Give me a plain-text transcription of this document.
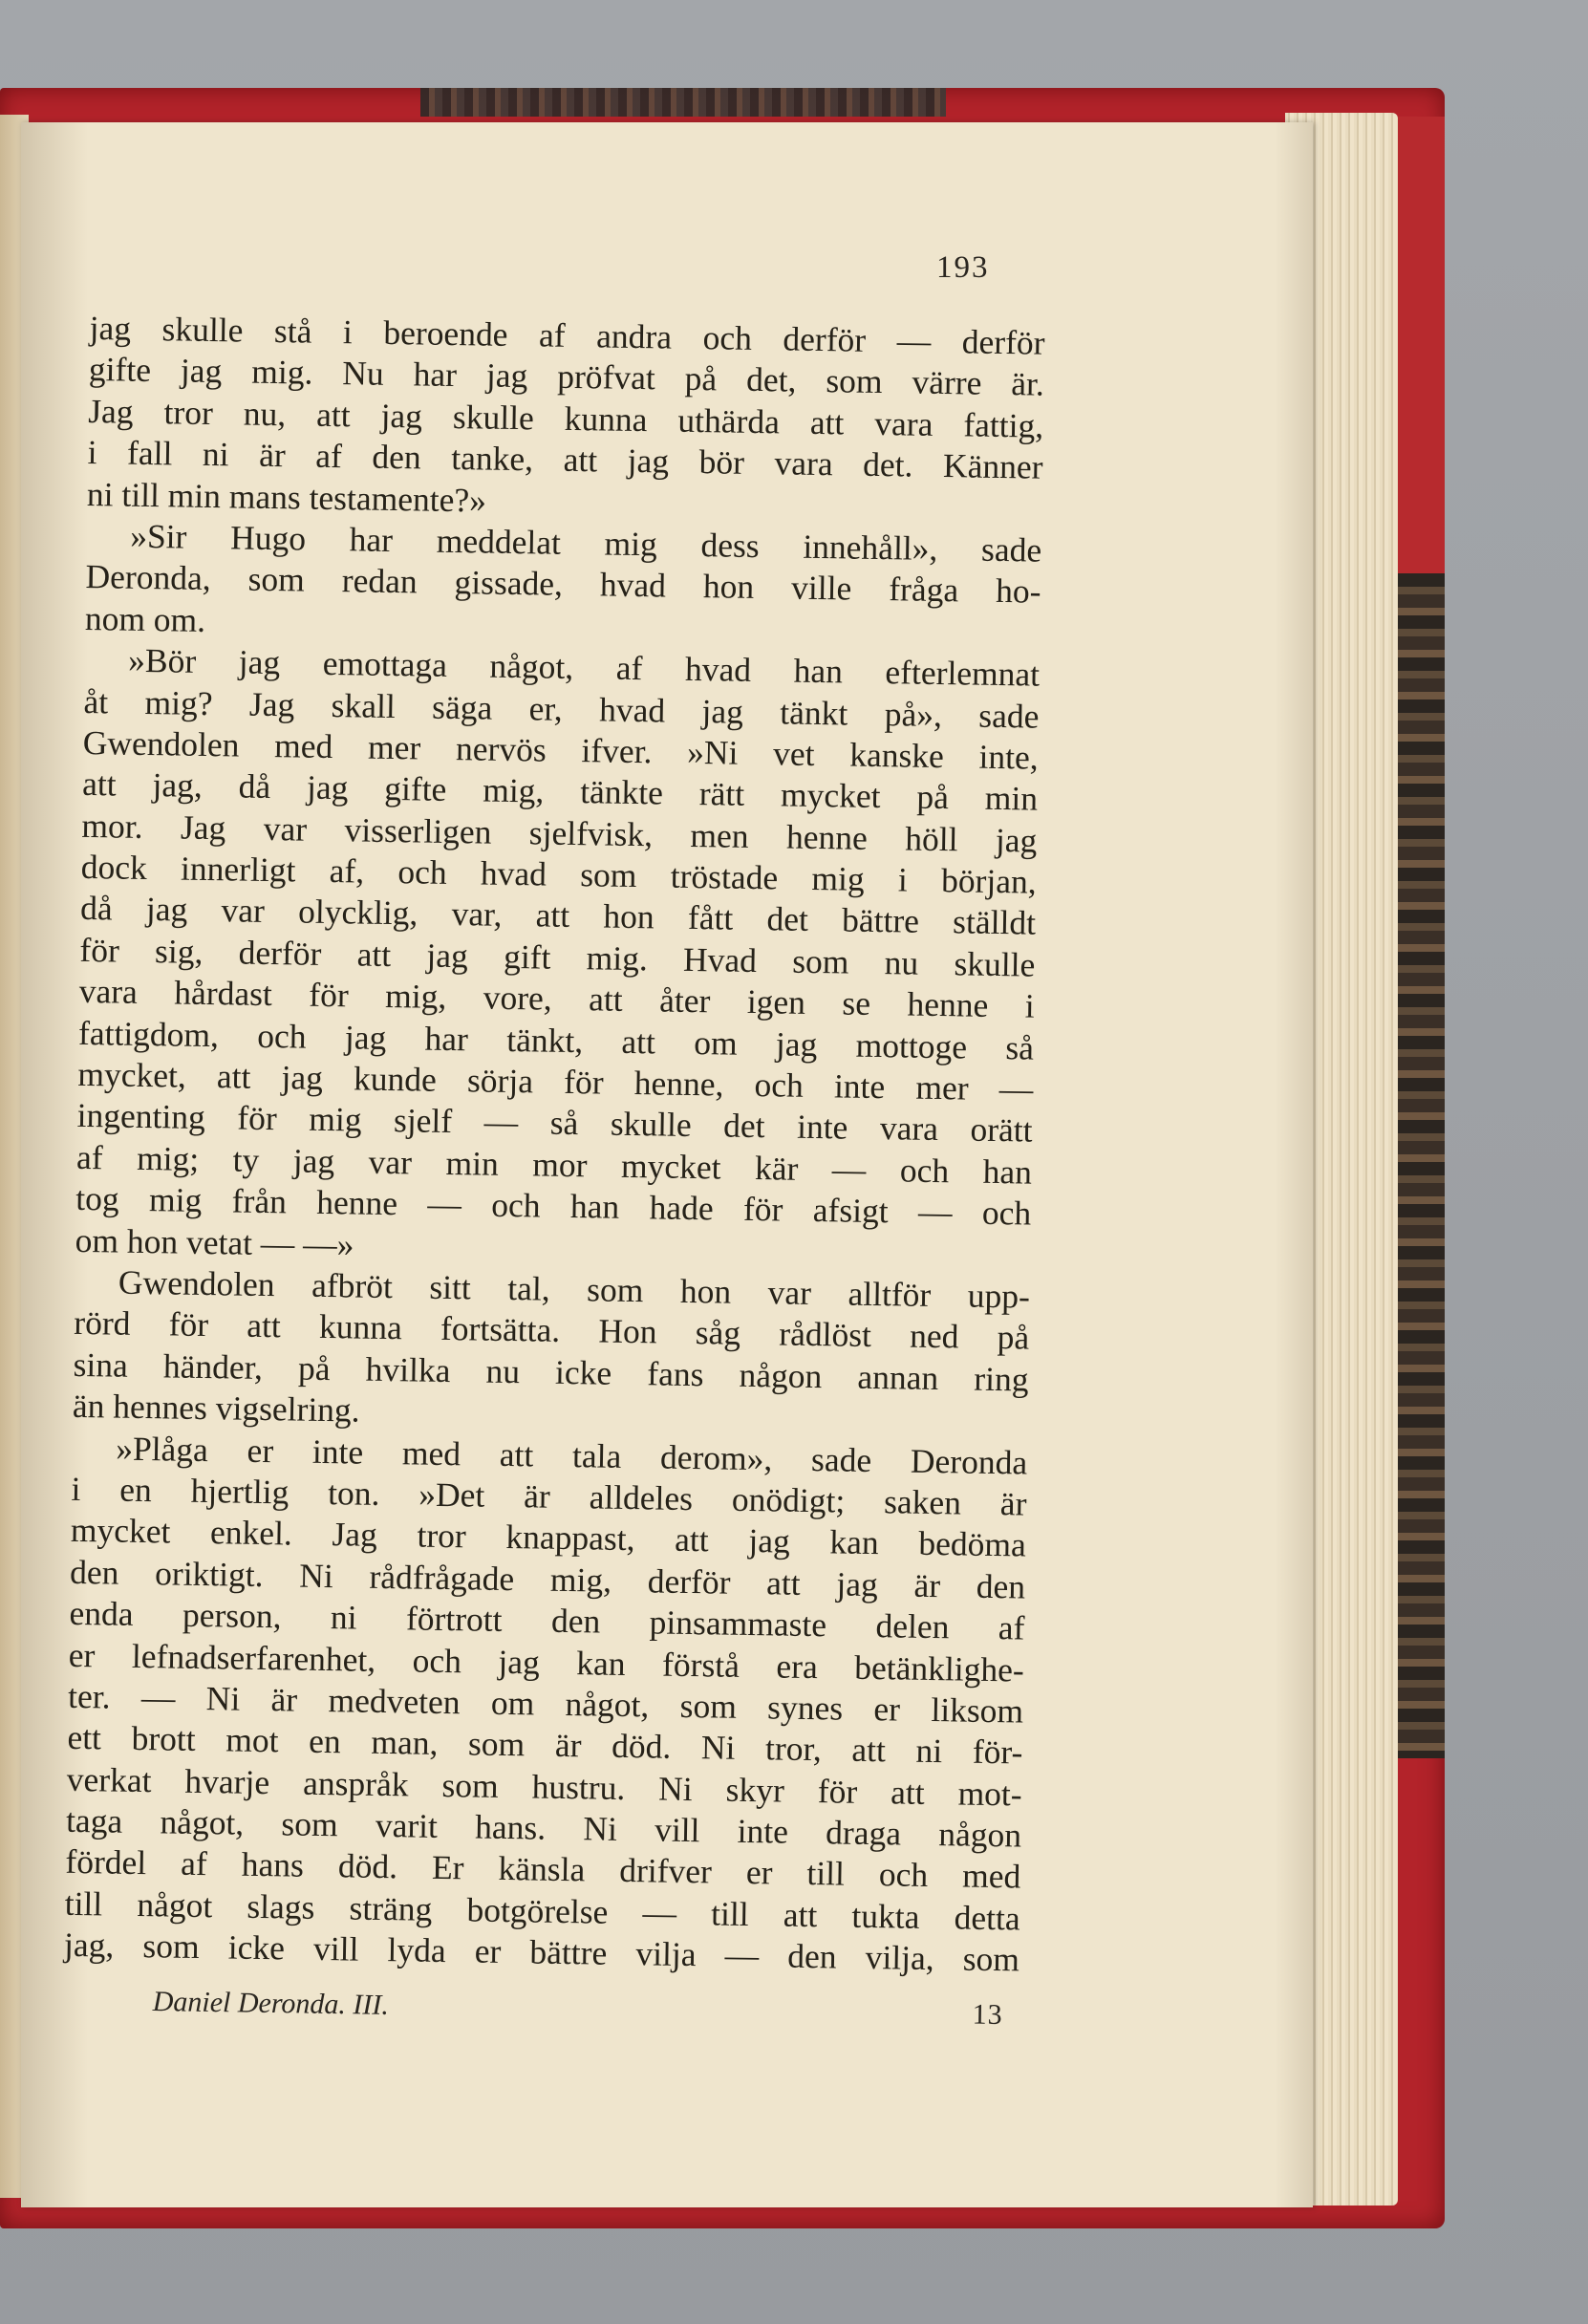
193
jag skulle stå i beroende af andra och derför — derför
gifte jag mig. Nu har jag pröfvat på det, som värre är.
Jag tror nu, att jag skulle kunna uthärda att vara fattig,
i fall ni är af den tanke, att jag bör vara det. Känner
ni till min mans testamente?»
»Sir Hugo har meddelat mig dess innehåll», sade
Deronda, som redan gissade, hvad hon ville fråga ho-
nom om.
»Bör jag emottaga något, af hvad han efterlemnat
åt mig? Jag skall säga er, hvad jag tänkt på», sade
Gwendolen med mer nervös ifver. »Ni vet kanske inte,
att jag, då jag gifte mig, tänkte rätt mycket på min
mor. Jag var visserligen sjelfvisk, men henne höll jag
dock innerligt af, och hvad som tröstade mig i början,
då jag var olycklig, var, att hon fått det bättre ställdt
för sig, derför att jag gift mig. Hvad som nu skulle
vara hårdast för mig, vore, att åter igen se henne i
fattigdom, och jag har tänkt, att om jag mottoge så
mycket, att jag kunde sörja för henne, och inte mer —
ingenting för mig sjelf — så skulle det inte vara orätt
af mig; ty jag var min mor mycket kär — och han
tog mig från henne — och han hade för afsigt — och
om hon vetat — —»
Gwendolen afbröt sitt tal, som hon var alltför upp-
rörd för att kunna fortsätta. Hon såg rådlöst ned på
sina händer, på hvilka nu icke fans någon annan ring
än hennes vigselring.
»Plåga er inte med att tala derom», sade Deronda
i en hjertlig ton. »Det är alldeles onödigt; saken är
mycket enkel. Jag tror knappast, att jag kan bedöma
den oriktigt. Ni rådfrågade mig, derför att jag är den
enda person, ni förtrott den pinsammaste delen af
er lefnadserfarenhet, och jag kan förstå era betänklighe-
ter. — Ni är medveten om något, som synes er liksom
ett brott mot en man, som är död. Ni tror, att ni för-
verkat hvarje anspråk som hustru. Ni skyr för att mot-
taga något, som varit hans. Ni vill inte draga någon
fördel af hans död. Er känsla drifver er till och med
till något slags sträng botgörelse — till att tukta detta
jag, som icke vill lyda er bättre vilja — den vilja, som
Daniel Deronda. III.	13
